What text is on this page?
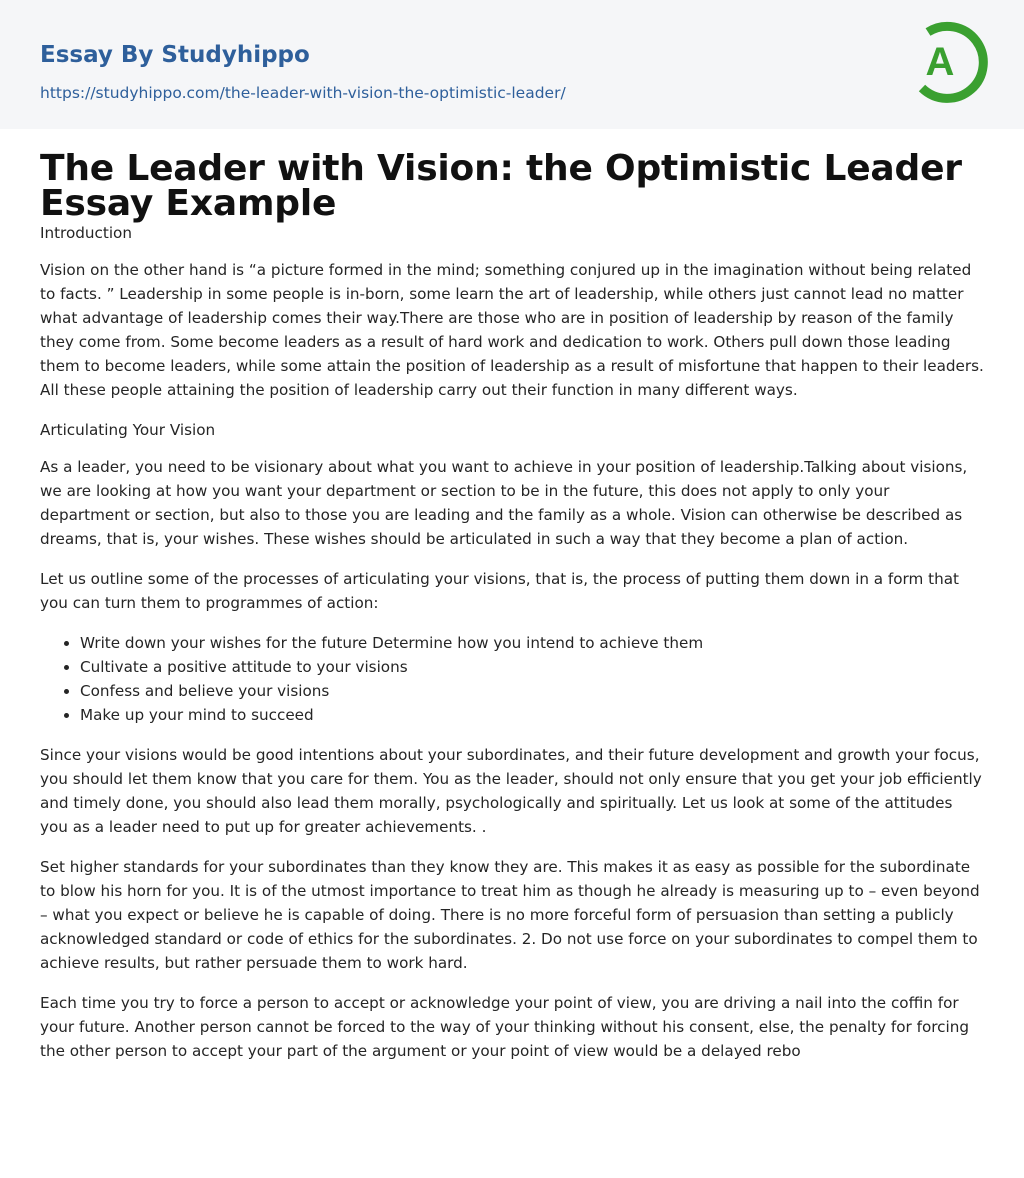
Essay By Studyhippo
https://studyhippo.com/the-leader-with-vision-the-optimistic-leader/
A
The Leader with Vision: the Optimistic Leader Essay Example

Introduction

Vision on the other hand is “a picture formed in the mind; something conjured up in the imagination without being related to facts. ” Leadership in some people is in-born, some learn the art of leadership, while others just cannot lead no matter what advantage of leadership comes their way.There are those who are in position of leadership by reason of the family they come from. Some become leaders as a result of hard work and dedication to work. Others pull down those leading them to become leaders, while some attain the position of leadership as a result of misfortune that happen to their leaders. All these people attaining the position of leadership carry out their function in many different ways.

Articulating Your Vision

As a leader, you need to be visionary about what you want to achieve in your position of leadership.Talking about visions, we are looking at how you want your department or section to be in the future, this does not apply to only your department or section, but also to those you are leading and the family as a whole. Vision can otherwise be described as dreams, that is, your wishes. These wishes should be articulated in such a way that they become a plan of action.

Let us outline some of the processes of articulating your visions, that is, the process of putting them down in a form that you can turn them to programmes of action:

• Write down your wishes for the future Determine how you intend to achieve them
• Cultivate a positive attitude to your visions
• Confess and believe your visions
• Make up your mind to succeed

Since your visions would be good intentions about your subordinates, and their future development and growth your focus, you should let them know that you care for them. You as the leader, should not only ensure that you get your job efficiently and timely done, you should also lead them morally, psychologically and spiritually. Let us look at some of the attitudes you as a leader need to put up for greater achievements. .

Set higher standards for your subordinates than they know they are. This makes it as easy as possible for the subordinate to blow his horn for you. It is of the utmost importance to treat him as though he already is measuring up to – even beyond – what you expect or believe he is capable of doing. There is no more forceful form of persuasion than setting a publicly acknowledged standard or code of ethics for the subordinates. 2. Do not use force on your subordinates to compel them to achieve results, but rather persuade them to work hard.

Each time you try to force a person to accept or acknowledge your point of view, you are driving a nail into the coffin for your future. Another person cannot be forced to the way of your thinking without his consent, else, the penalty for forcing the other person to accept your part of the argument or your point of view would be a delayed rebo
